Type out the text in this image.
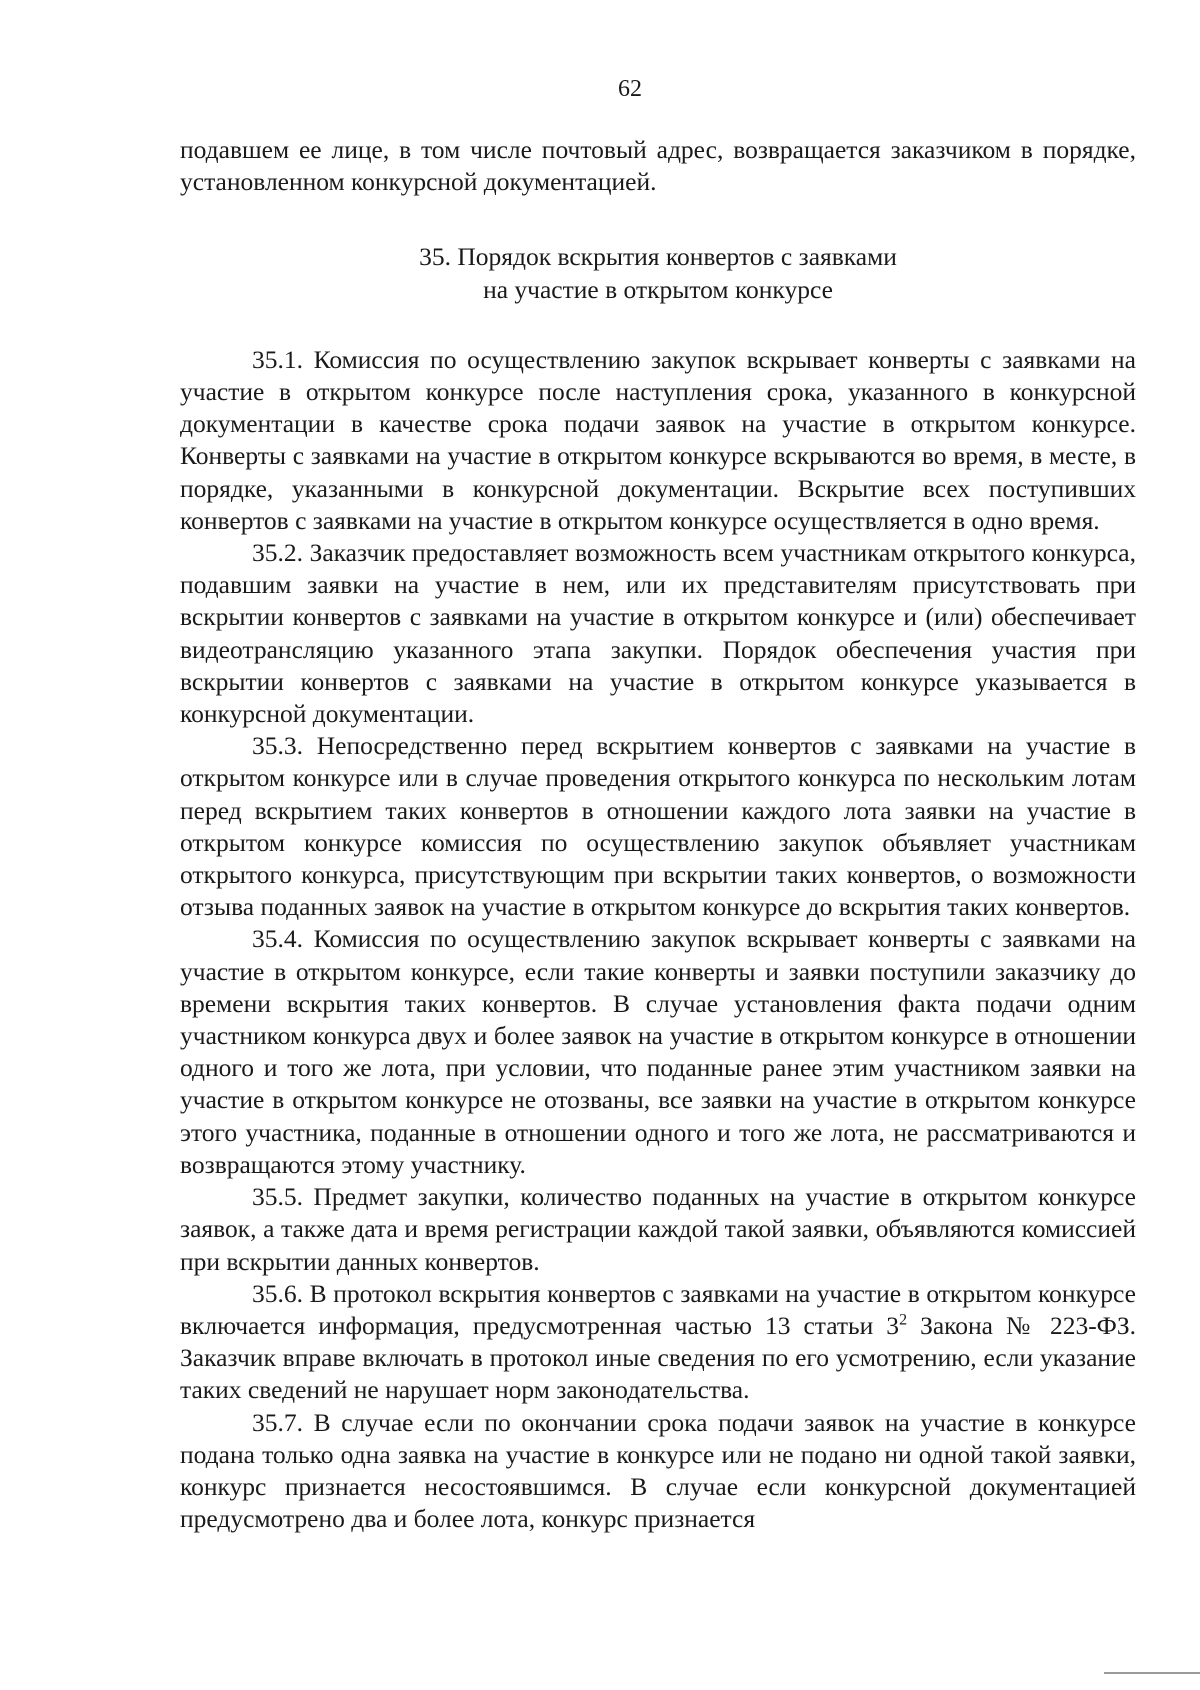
62

подавшем ее лице, в том числе почтовый адрес, возвращается заказчиком в порядке, установленном конкурсной документацией.

35. Порядок вскрытия конвертов с заявками
на участие в открытом конкурсе

35.1. Комиссия по осуществлению закупок вскрывает конверты с заявками на участие в открытом конкурсе после наступления срока, указанного в конкурсной документации в качестве срока подачи заявок на участие в открытом конкурсе. Конверты с заявками на участие в открытом конкурсе вскрываются во время, в месте, в порядке, указанными в конкурсной документации. Вскрытие всех поступивших конвертов с заявками на участие в открытом конкурсе осуществляется в одно время.

35.2. Заказчик предоставляет возможность всем участникам открытого конкурса, подавшим заявки на участие в нем, или их представителям присутствовать при вскрытии конвертов с заявками на участие в открытом конкурсе и (или) обеспечивает видеотрансляцию указанного этапа закупки. Порядок обеспечения участия при вскрытии конвертов с заявками на участие в открытом конкурсе указывается в конкурсной документации.

35.3. Непосредственно перед вскрытием конвертов с заявками на участие в открытом конкурсе или в случае проведения открытого конкурса по нескольким лотам перед вскрытием таких конвертов в отношении каждого лота заявки на участие в открытом конкурсе комиссия по осуществлению закупок объявляет участникам открытого конкурса, присутствующим при вскрытии таких конвертов, о возможности отзыва поданных заявок на участие в открытом конкурсе до вскрытия таких конвертов.

35.4. Комиссия по осуществлению закупок вскрывает конверты с заявками на участие в открытом конкурсе, если такие конверты и заявки поступили заказчику до времени вскрытия таких конвертов. В случае установления факта подачи одним участником конкурса двух и более заявок на участие в открытом конкурсе в отношении одного и того же лота, при условии, что поданные ранее этим участником заявки на участие в открытом конкурсе не отозваны, все заявки на участие в открытом конкурсе этого участника, поданные в отношении одного и того же лота, не рассматриваются и возвращаются этому участнику.

35.5. Предмет закупки, количество поданных на участие в открытом конкурсе заявок, а также дата и время регистрации каждой такой заявки, объявляются комиссией при вскрытии данных конвертов.

35.6. В протокол вскрытия конвертов с заявками на участие в открытом конкурсе включается информация, предусмотренная частью 13 статьи $3^2$ Закона № 223-ФЗ. Заказчик вправе включать в протокол иные сведения по его усмотрению, если указание таких сведений не нарушает норм законодательства.

35.7. В случае если по окончании срока подачи заявок на участие в конкурсе подана только одна заявка на участие в конкурсе или не подано ни одной такой заявки, конкурс признается несостоявшимся. В случае если конкурсной документацией предусмотрено два и более лота, конкурс признается
